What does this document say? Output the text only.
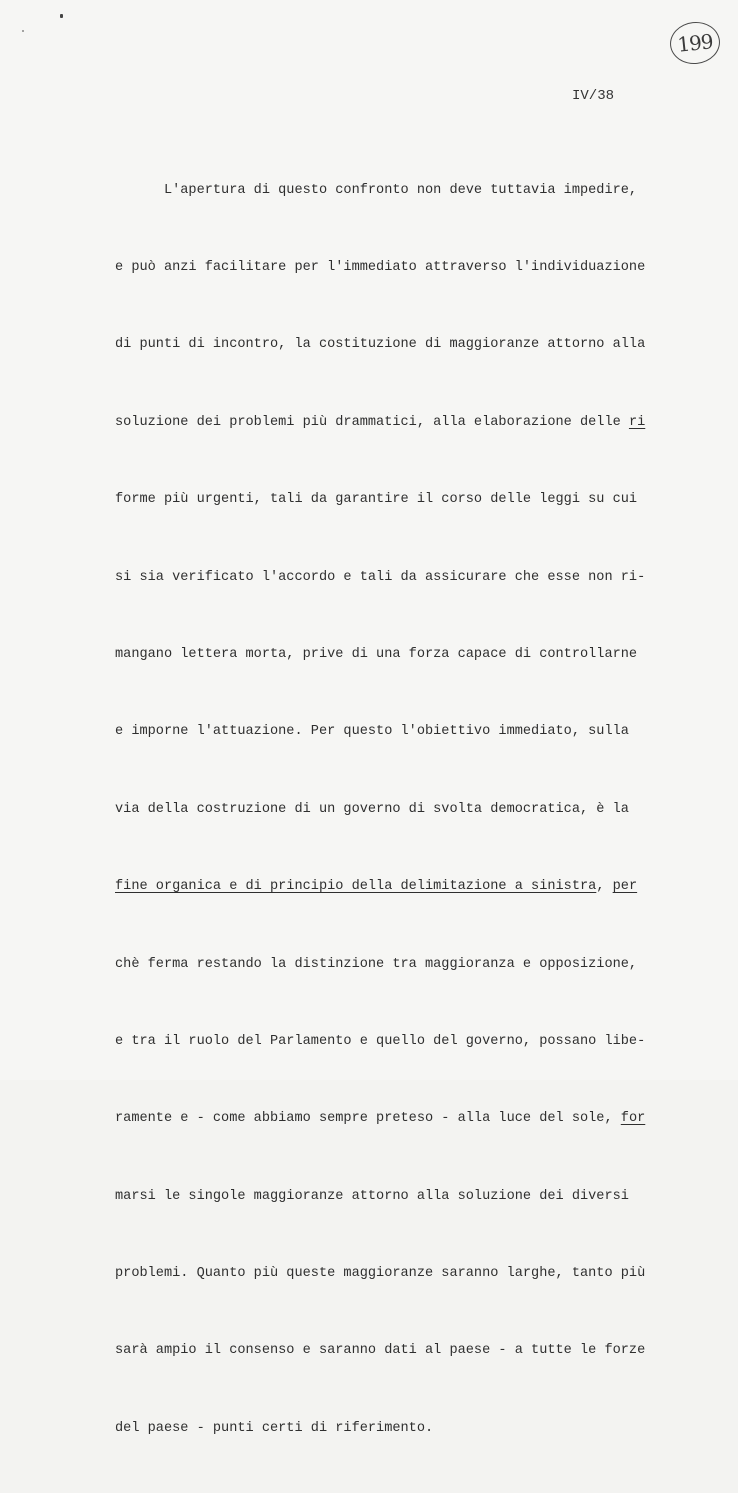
199
IV/38

L'apertura di questo confronto non deve tuttavia impedire,

e può anzi facilitare per l'immediato attraverso l'individuazione

di punti di incontro, la costituzione di maggioranze attorno alla

soluzione dei problemi più drammatici, alla elaborazione delle ri

forme più urgenti, tali da garantire il corso delle leggi su cui

si sia verificato l'accordo e tali da assicurare che esse non ri-

mangano lettera morta, prive di una forza capace di controllarne

e imporne l'attuazione. Per questo l'obiettivo immediato, sulla

via della costruzione di un governo di svolta democratica, è la

fine organica e di principio della delimitazione a sinistra, per

chè ferma restando la distinzione tra maggioranza e opposizione,

e tra il ruolo del Parlamento e quello del governo, possano libe-

ramente e - come abbiamo sempre preteso - alla luce del sole, for

marsi le singole maggioranze attorno alla soluzione dei diversi

problemi. Quanto più queste maggioranze saranno larghe, tanto più

sarà ampio il consenso e saranno dati al paese - a tutte le forze

del paese - punti certi di riferimento.
